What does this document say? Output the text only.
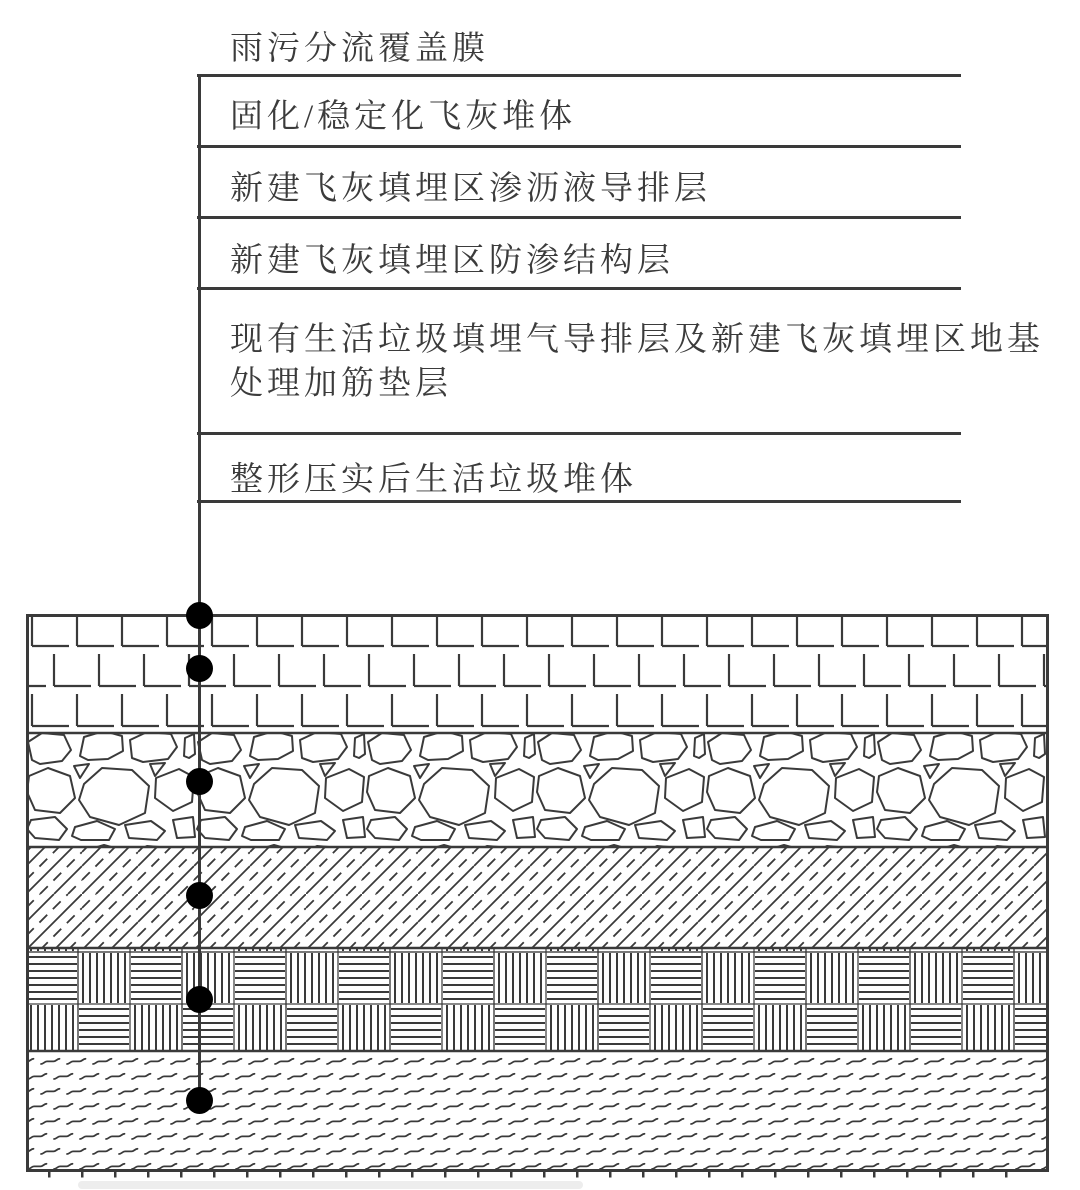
雨污分流覆盖膜
固化/稳定化飞灰堆体
新建飞灰填埋区渗沥液导排层
新建飞灰填埋区防渗结构层
现有生活垃圾填埋气导排层及新建飞灰填埋区地基
处理加筋垫层
整形压实后生活垃圾堆体
